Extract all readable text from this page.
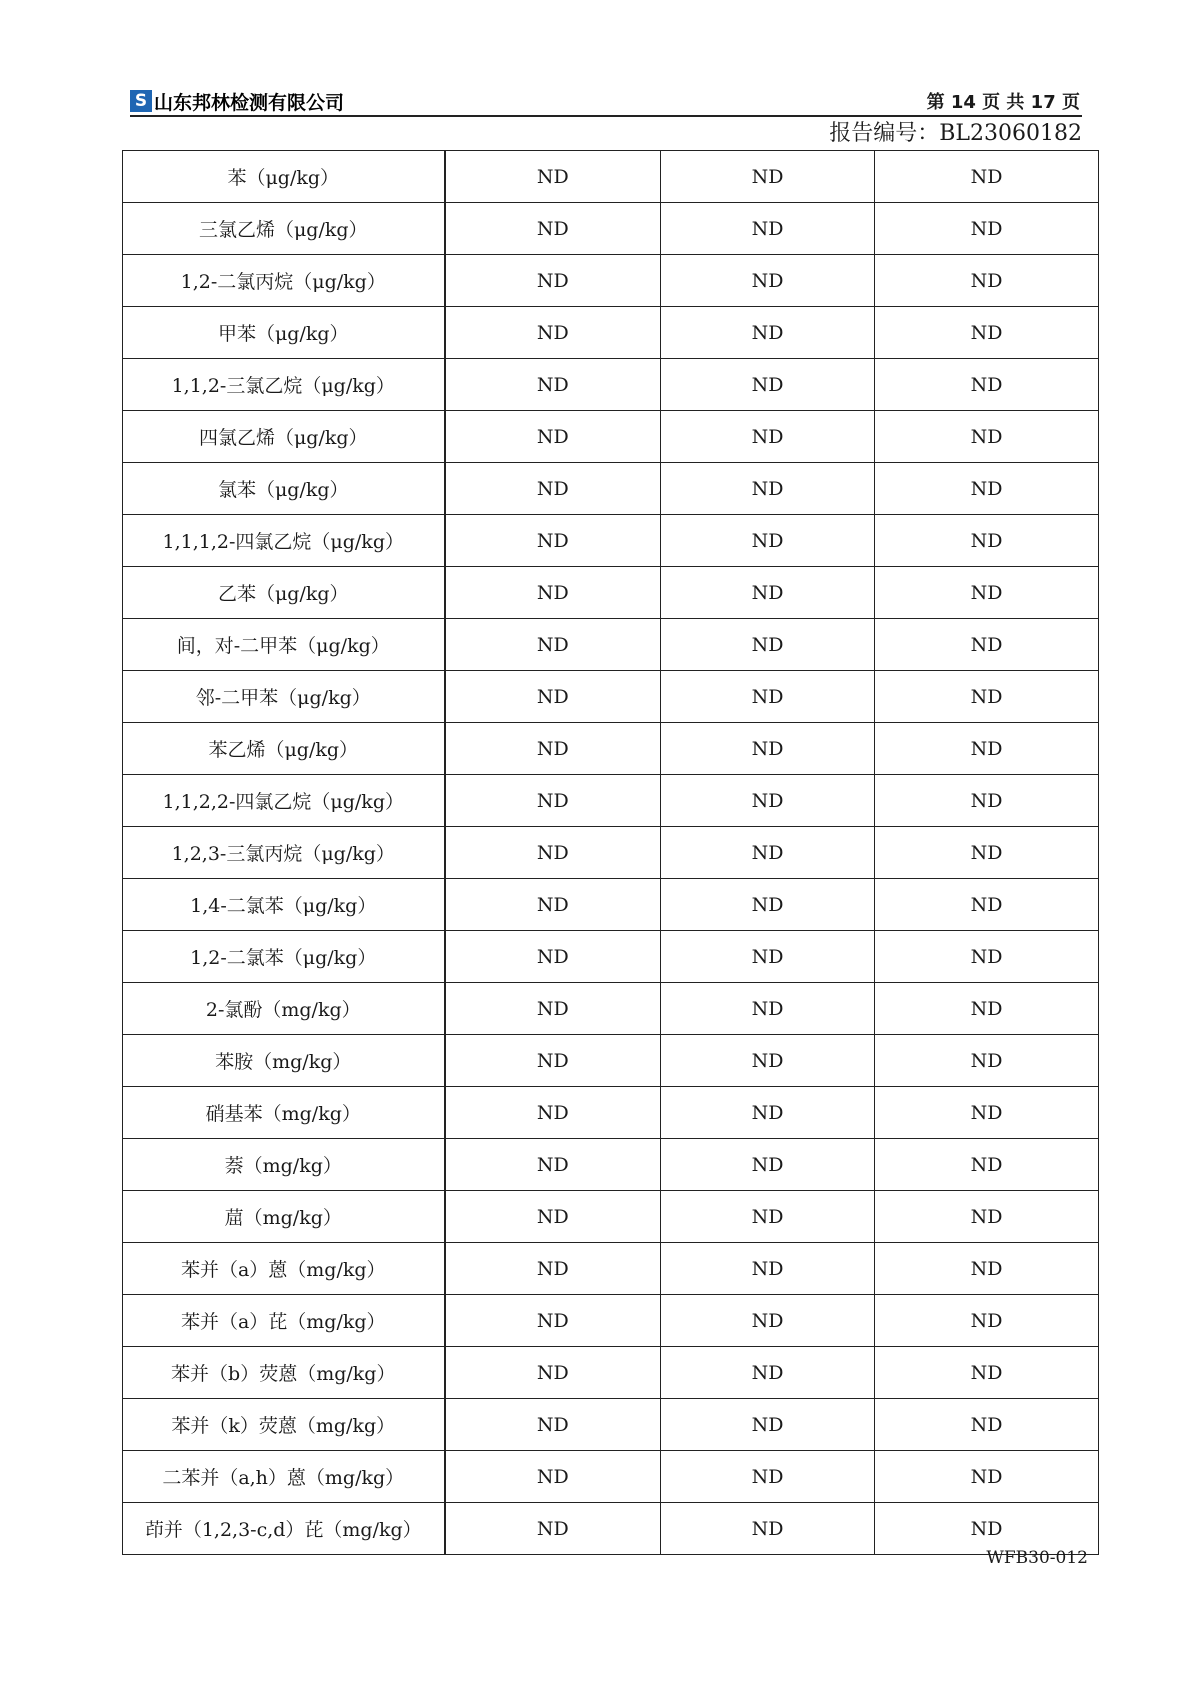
S 山东邦林检测有限公司	第 14 页 共 17 页
报告编号：BL23060182
苯（μg/kg）	ND	ND	ND
三氯乙烯（μg/kg）	ND	ND	ND
1,2-二氯丙烷（μg/kg）	ND	ND	ND
甲苯（μg/kg）	ND	ND	ND
1,1,2-三氯乙烷（μg/kg）	ND	ND	ND
四氯乙烯（μg/kg）	ND	ND	ND
氯苯（μg/kg）	ND	ND	ND
1,1,1,2-四氯乙烷（μg/kg）	ND	ND	ND
乙苯（μg/kg）	ND	ND	ND
间，对-二甲苯（μg/kg）	ND	ND	ND
邻-二甲苯（μg/kg）	ND	ND	ND
苯乙烯（μg/kg）	ND	ND	ND
1,1,2,2-四氯乙烷（μg/kg）	ND	ND	ND
1,2,3-三氯丙烷（μg/kg）	ND	ND	ND
1,4-二氯苯（μg/kg）	ND	ND	ND
1,2-二氯苯（μg/kg）	ND	ND	ND
2-氯酚（mg/kg）	ND	ND	ND
苯胺（mg/kg）	ND	ND	ND
硝基苯（mg/kg）	ND	ND	ND
萘（mg/kg）	ND	ND	ND
䓛（mg/kg）	ND	ND	ND
苯并（a）蒽（mg/kg）	ND	ND	ND
苯并（a）芘（mg/kg）	ND	ND	ND
苯并（b）荧蒽（mg/kg）	ND	ND	ND
苯并（k）荧蒽（mg/kg）	ND	ND	ND
二苯并（a,h）蒽（mg/kg）	ND	ND	ND
茚并（1,2,3-c,d）芘（mg/kg）	ND	ND	ND
WFB30-012
